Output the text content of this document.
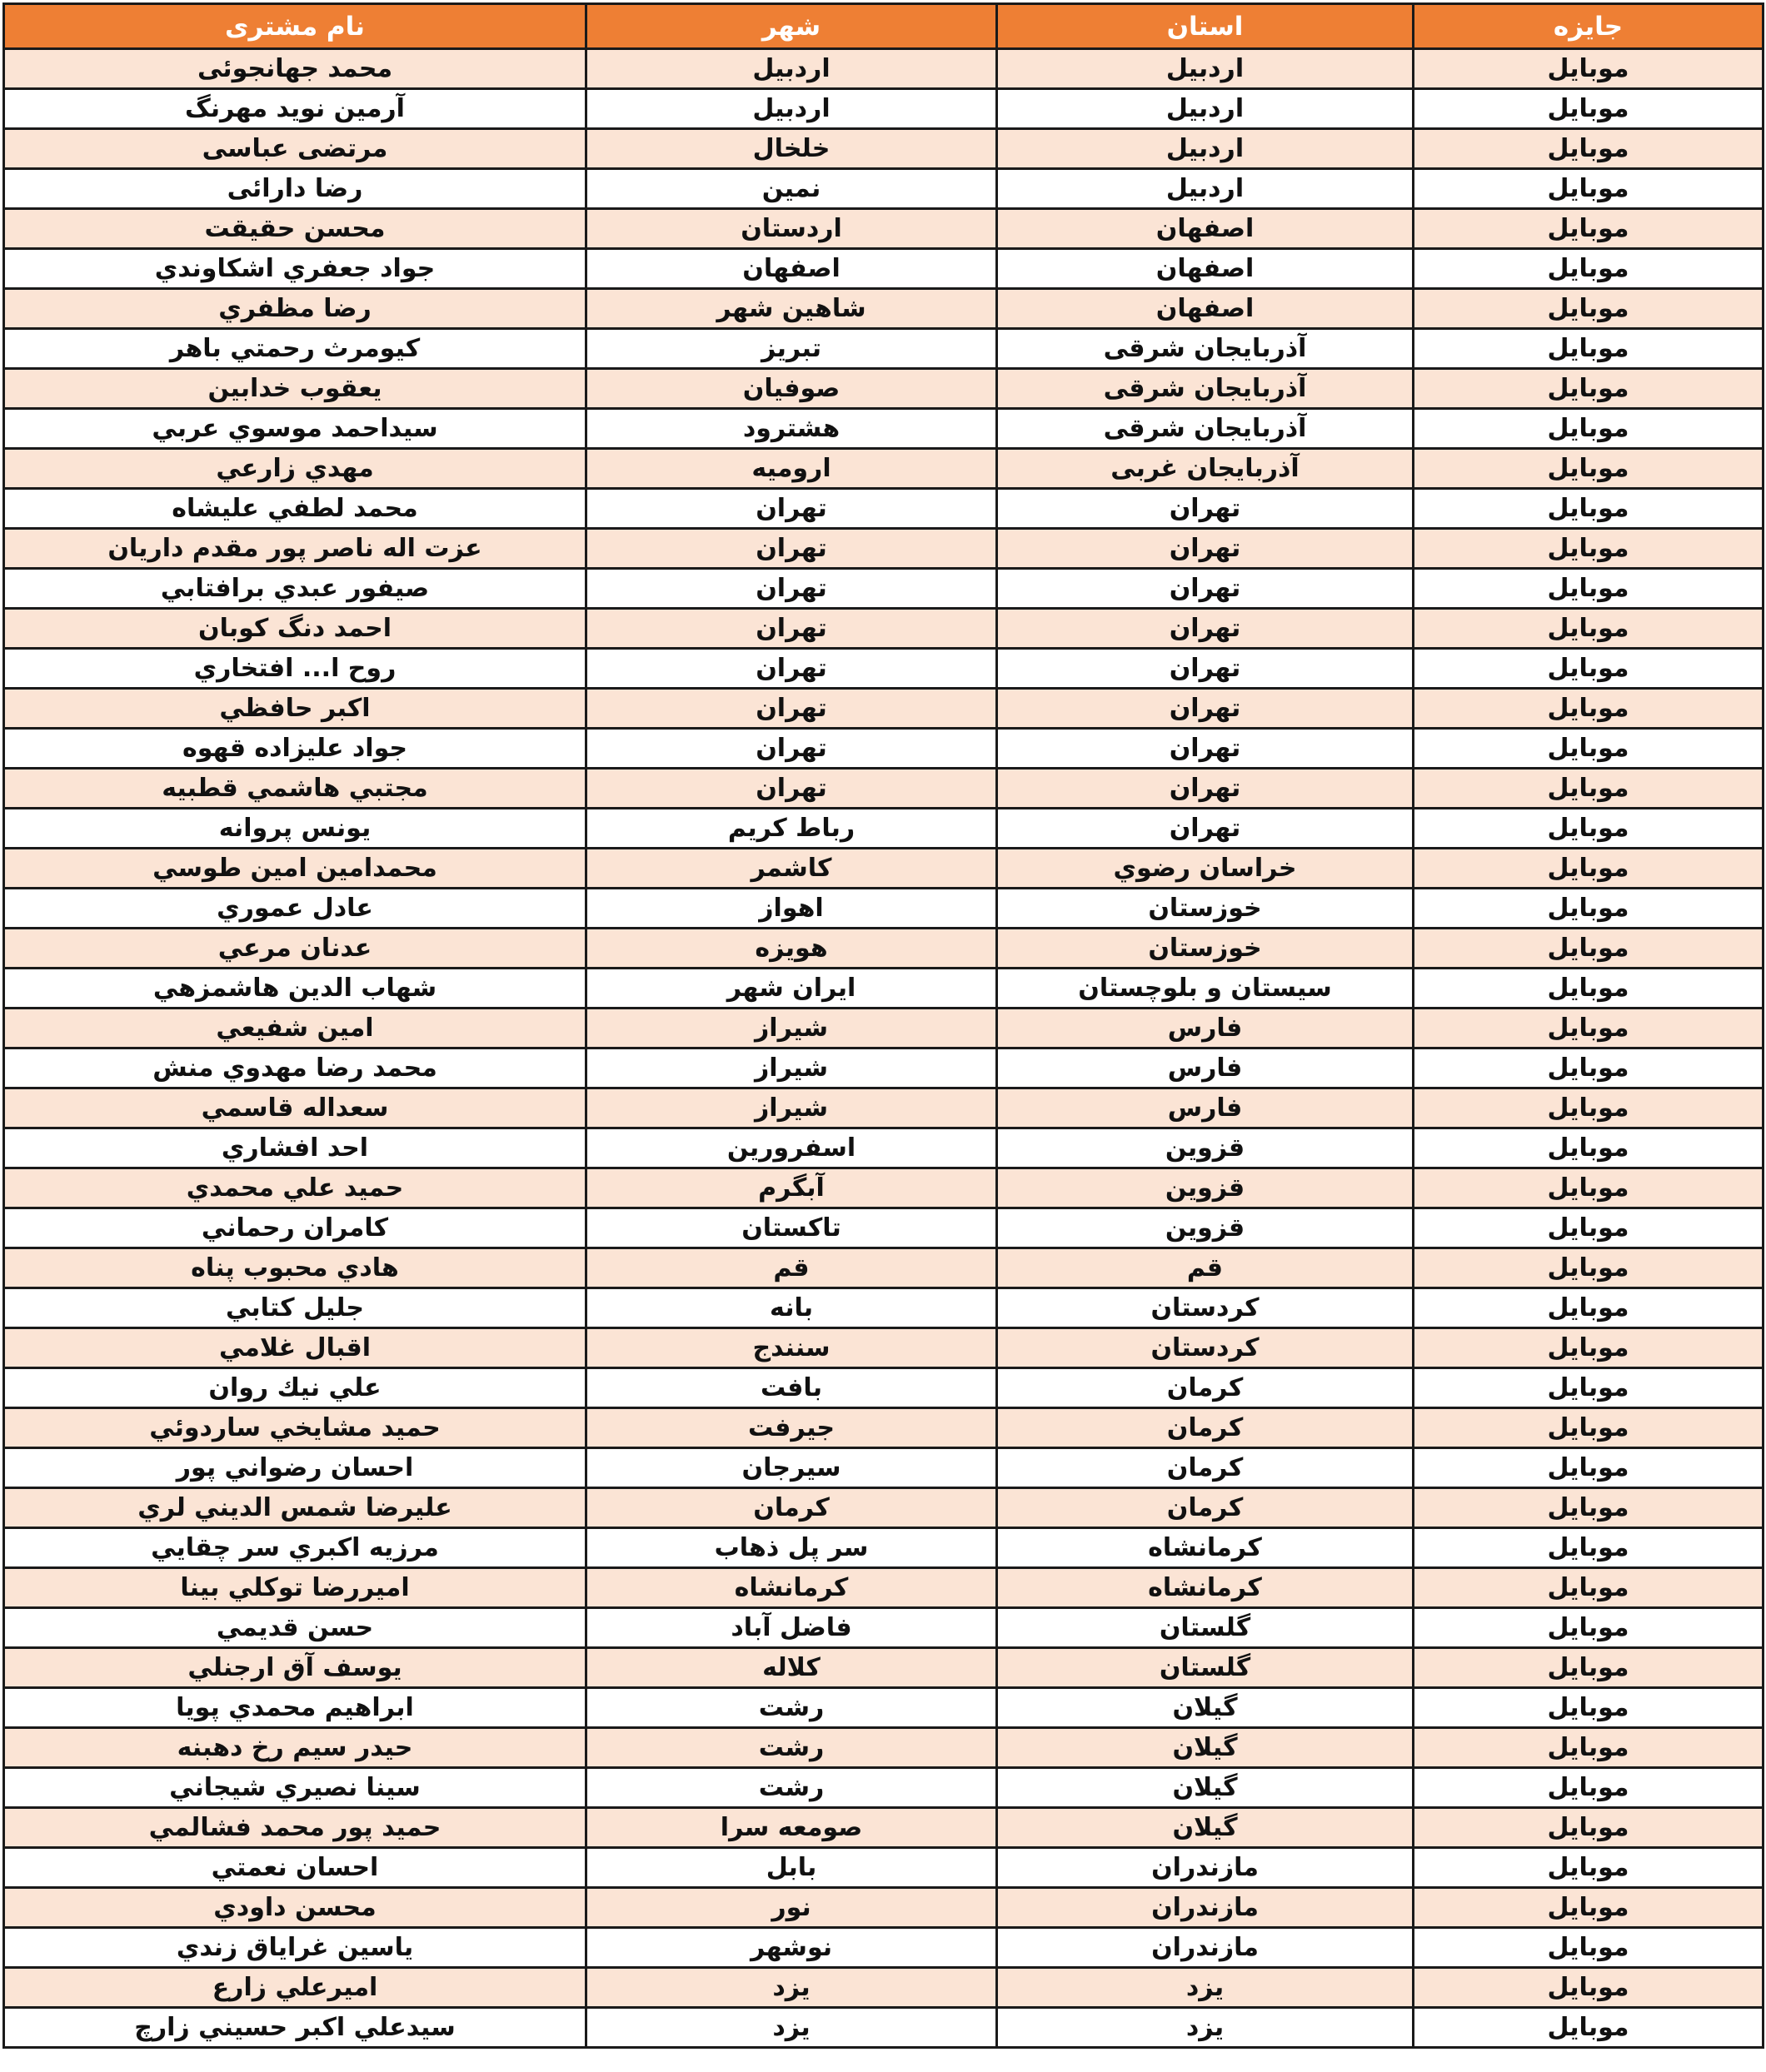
نام مشتری	شهر	استان	جایزه
محمد جهانجوئی	اردبیل	اردبیل	موبایل
آرمین نوید مهرنگ	اردبیل	اردبیل	موبایل
مرتضی عباسی	خلخال	اردبیل	موبایل
رضا دارائی	نمین	اردبیل	موبایل
محسن حقیقت	اردستان	اصفهان	موبایل
جواد جعفري اشكاوندي	اصفهان	اصفهان	موبایل
رضا مظفري	شاهين شهر	اصفهان	موبایل
كيومرث رحمتي باهر	تبريز	آذربایجان شرقی	موبایل
يعقوب خدابين	صوفيان	آذربایجان شرقی	موبایل
سيداحمد موسوي عربي	هشترود	آذربایجان شرقی	موبایل
مهدي زارعي	اروميه	آذربایجان غربی	موبایل
محمد لطفي عليشاه	تهران	تهران	موبایل
عزت اله ناصر پور مقدم داريان	تهران	تهران	موبایل
صيفور عبدي برافتابي	تهران	تهران	موبایل
احمد دنگ كوبان	تهران	تهران	موبایل
روح ا... افتخاري	تهران	تهران	موبایل
اكبر حافظي	تهران	تهران	موبایل
جواد عليزاده قهوه	تهران	تهران	موبایل
مجتبي هاشمي قطبيه	تهران	تهران	موبایل
يونس پروانه	رباط كريم	تهران	موبایل
محمدامين امين طوسي	كاشمر	خراسان رضوي	موبایل
عادل عموري	اهواز	خوزستان	موبایل
عدنان مرعي	هويزه	خوزستان	موبایل
شهاب الدين هاشمزهي	ايران شهر	سيستان و بلوچستان	موبایل
امين شفيعي	شيراز	فارس	موبایل
محمد رضا مهدوي منش	شيراز	فارس	موبایل
سعداله قاسمي	شيراز	فارس	موبایل
احد افشاري	اسفرورين	قزوين	موبایل
حميد علي محمدي	آبگرم	قزوين	موبایل
كامران رحماني	تاكستان	قزوين	موبایل
هادي محبوب پناه	قم	قم	موبایل
جليل كتابي	بانه	كردستان	موبایل
اقبال غلامي	سنندج	كردستان	موبایل
علي نيك روان	بافت	كرمان	موبایل
حميد مشايخي ساردوئي	جيرفت	كرمان	موبایل
احسان رضواني پور	سيرجان	كرمان	موبایل
عليرضا شمس الديني لري	كرمان	كرمان	موبایل
مرزيه اكبري سر چقايي	سر پل ذهاب	كرمانشاه	موبایل
اميررضا توكلي بينا	كرمانشاه	كرمانشاه	موبایل
حسن قديمي	فاضل آباد	گلستان	موبایل
يوسف آق ارجنلي	كلاله	گلستان	موبایل
ابراهيم محمدي پويا	رشت	گيلان	موبایل
حيدر سيم رخ دهبنه	رشت	گيلان	موبایل
سينا نصيري شيجاني	رشت	گيلان	موبایل
حميد پور محمد فشالمي	صومعه سرا	گيلان	موبایل
احسان نعمتي	بابل	مازندران	موبایل
محسن داودي	نور	مازندران	موبایل
ياسين غراياق زندي	نوشهر	مازندران	موبایل
اميرعلي زارع	يزد	يزد	موبایل
سيدعلي اكبر حسيني زارچ	يزد	يزد	موبایل
